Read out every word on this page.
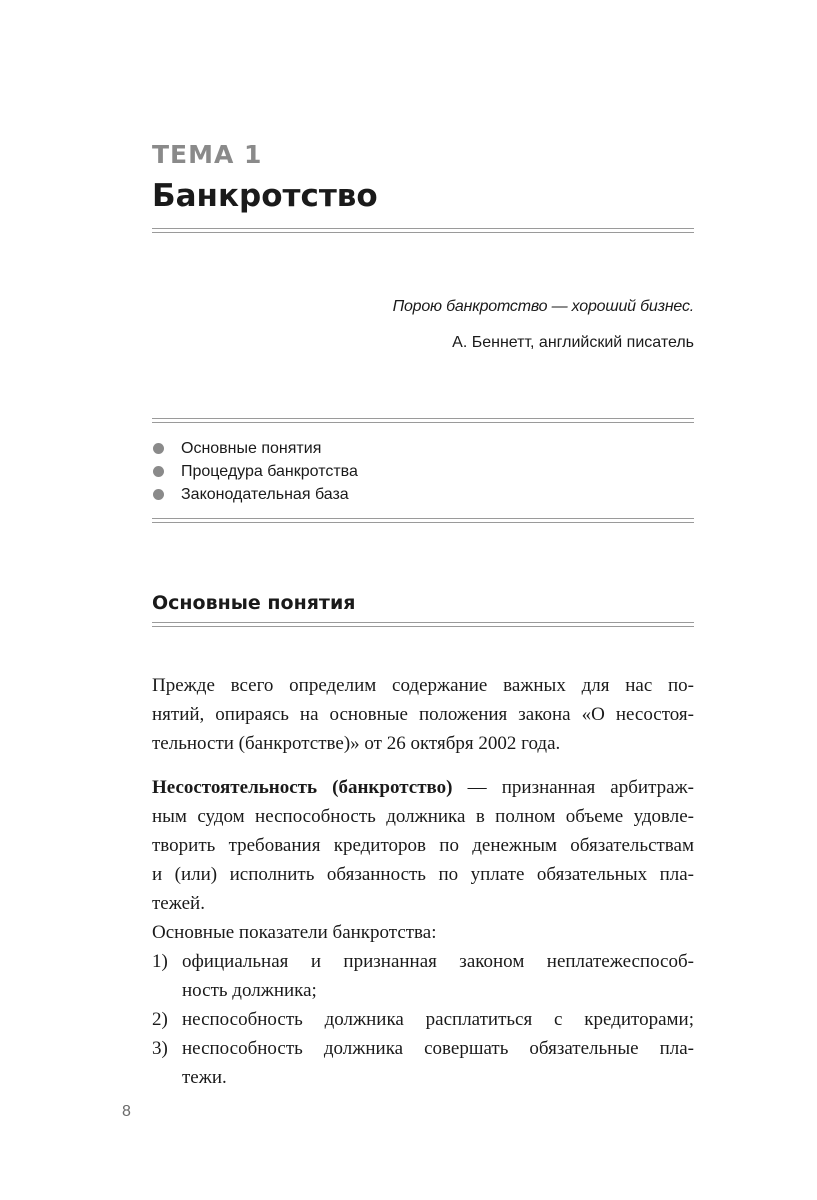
ТЕМА 1
Банкротство
Порою банкротство — хороший бизнес.
А. Беннетт, английский писатель
Основные понятия
Процедура банкротства
Законодательная база
Основные понятия
Прежде всего определим содержание важных для нас по-
нятий, опираясь на основные положения закона «О несостоя-
тельности (банкротстве)» от 26 октября 2002 года.
Несостоятельность (банкротство) — признанная арбитраж-
ным судом неспособность должника в полном объеме удовле-
творить требования кредиторов по денежным обязательствам
и (или) исполнить обязанность по уплате обязательных пла-
тежей.
Основные показатели банкротства:
1) официальная и признанная законом неплатежеспособ-
ность должника;
2) неспособность должника расплатиться с кредиторами;
3) неспособность должника совершать обязательные пла-
тежи.
8
